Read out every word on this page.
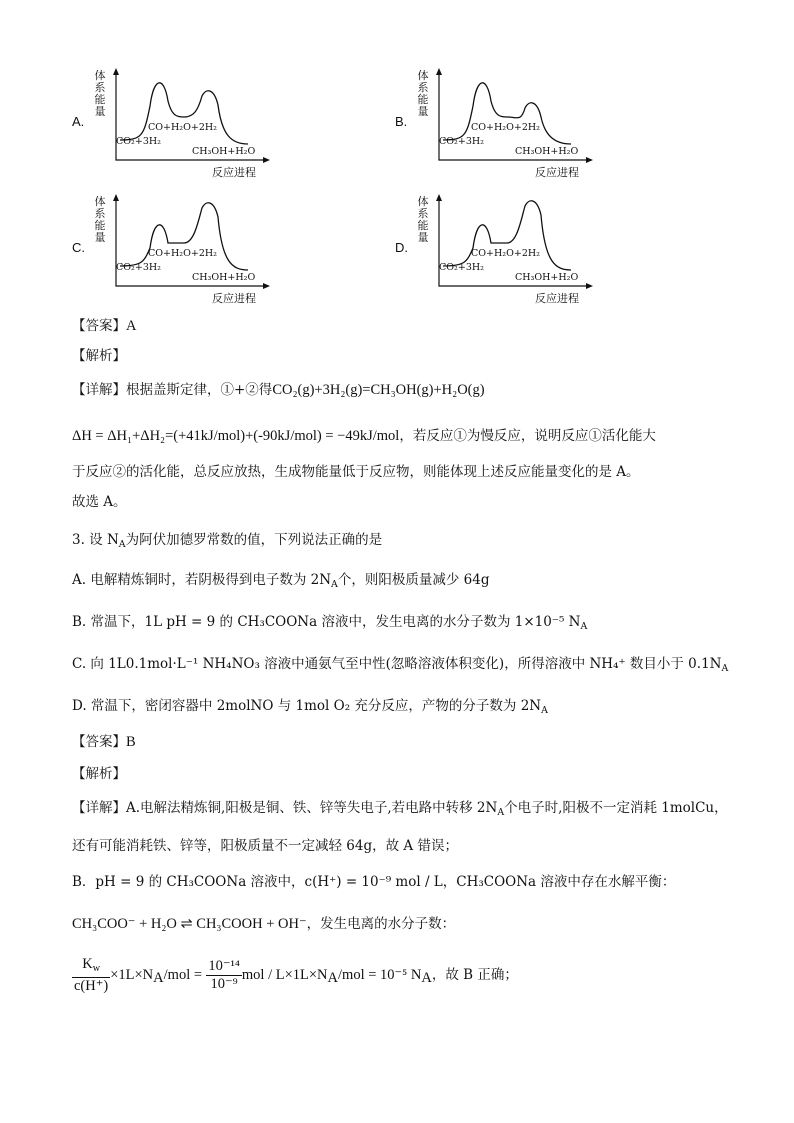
A.
体
系
能
量
CO+H₂O+2H₂
CO₂+3H₂
CH₃OH+H₂O
反应进程
B.
体
系
能
量
CO+H₂O+2H₂
CO₂+3H₂
CH₃OH+H₂O
反应进程
C.
体
系
能
量
CO+H₂O+2H₂
CO₂+3H₂
CH₃OH+H₂O
反应进程
D.
体
系
能
量
CO+H₂O+2H₂
CO₂+3H₂
CH₃OH+H₂O
反应进程
【答案】A
【解析】
【详解】根据盖斯定律，①+②得CO₂(g)+3H₂(g)=CH₃OH(g)+H₂O(g)
ΔH = ΔH₁+ΔH₂=(+41kJ/mol)+(-90kJ/mol) = −49kJ/mol，若反应①为慢反应，说明反应①活化能大
于反应②的活化能，总反应放热，生成物能量低于反应物，则能体现上述反应能量变化的是 A。
故选 A。
3. 设 $N_A$为阿伏加德罗常数的值，下列说法正确的是
A. 电解精炼铜时，若阴极得到电子数为 $2N_A$个，则阳极质量减少 64g
B. 常温下，1L pH = 9 的 CH₃COONa 溶液中，发生电离的水分子数为 1×10⁻⁵ $N_A$
C. 向 1L0.1mol·L⁻¹ NH₄NO₃ 溶液中通氨气至中性(忽略溶液体积变化)，所得溶液中 NH₄⁺ 数目小于 $0.1N_A$
D. 常温下，密闭容器中 2molNO 与 1mol O₂ 充分反应，产物的分子数为 $2N_A$
【答案】B
【解析】
【详解】A.电解法精炼铜,阳极是铜、铁、锌等失电子,若电路中转移 $2N_A$个电子时,阳极不一定消耗 1molCu，
还有可能消耗铁、锌等，阳极质量不一定减轻 64g，故 A 错误；
B．pH = 9 的 CH₃COONa 溶液中，c(H⁺) = 10⁻⁹ mol / L，CH₃COONa 溶液中存在水解平衡：
CH₃COO⁻ + H₂O ⇌ CH₃COOH + OH⁻，发生电离的水分子数：
$\frac{K_w}{c(H^+)} \times 1L\times N_A/mol = \frac{\text{10⁻¹⁴}}{\text{10⁻⁹}}$ mol / $L\times 1L\times N_A$/mol = 10⁻⁵ $N_A$，故 B 正确；
